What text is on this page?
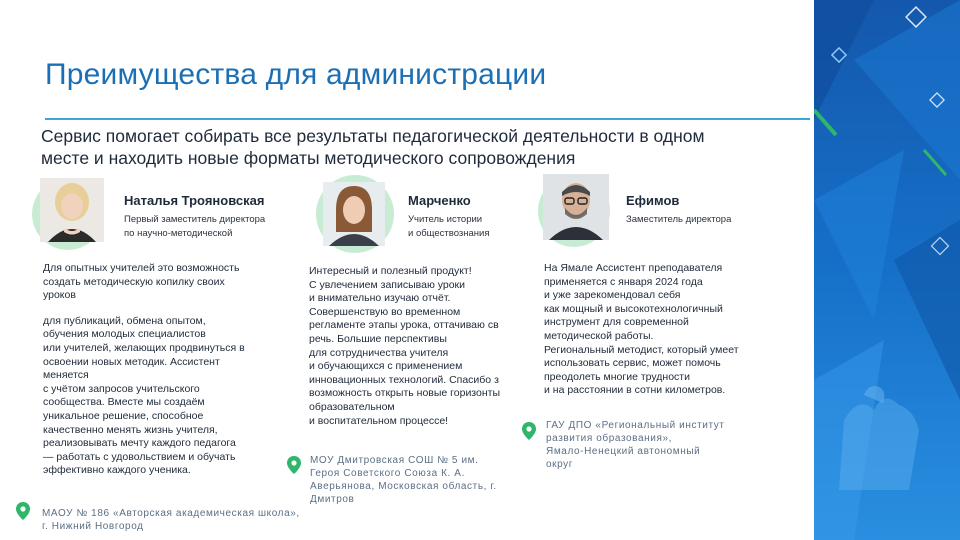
Преимущества для администрации

Сервис помогает собирать все результаты педагогической деятельности в одном
месте и находить новые форматы методического сопровождения

Наталья Трояновская

Первый заместитель директора
по научно-методической

Для опытных учителей это возможность
создать методическую копилку своих
уроков
для публикаций, обмена опытом,
обучения молодых специалистов
или учителей, желающих продвинуться в
освоении новых методик. Ассистент
меняется
с учётом запросов учительского
сообщества. Вместе мы создаём
уникальное решение, способное
качественно менять жизнь учителя,
реализовывать мечту каждого педагога
— работать с удовольствием и обучать
эффективно каждого ученика.
МАОУ № 186 «Авторская академическая школа»,
г. Нижний Новгород

Марченко

Учитель истории
и обществознания

Интересный и полезный продукт!
С увлечением записываю уроки
и внимательно изучаю отчёт.
Совершенствую во временном
регламенте этапы урока, оттачиваю св
речь. Большие перспективы
для сотрудничества учителя
и обучающихся с применением
инновационных технологий. Спасибо з
возможность открыть новые горизонты
образовательном
и воспитательном процессе!
МОУ Дмитровская СОШ № 5 им.
Героя Советского Союза К. А.
Аверьянова, Московская область, г.
Дмитров

Ефимов

Заместитель директора

На Ямале Ассистент преподавателя
применяется с января 2024 года
и уже зарекомендовал себя
как мощный и высокотехнологичный
инструмент для современной
методической работы.
Региональный методист, который умеет
использовать сервис, может помочь
преодолеть многие трудности
и на расстоянии в сотни километров.
ГАУ ДПО «Региональный институт
развития образования»,
Ямало-Ненецкий автономный
округ
